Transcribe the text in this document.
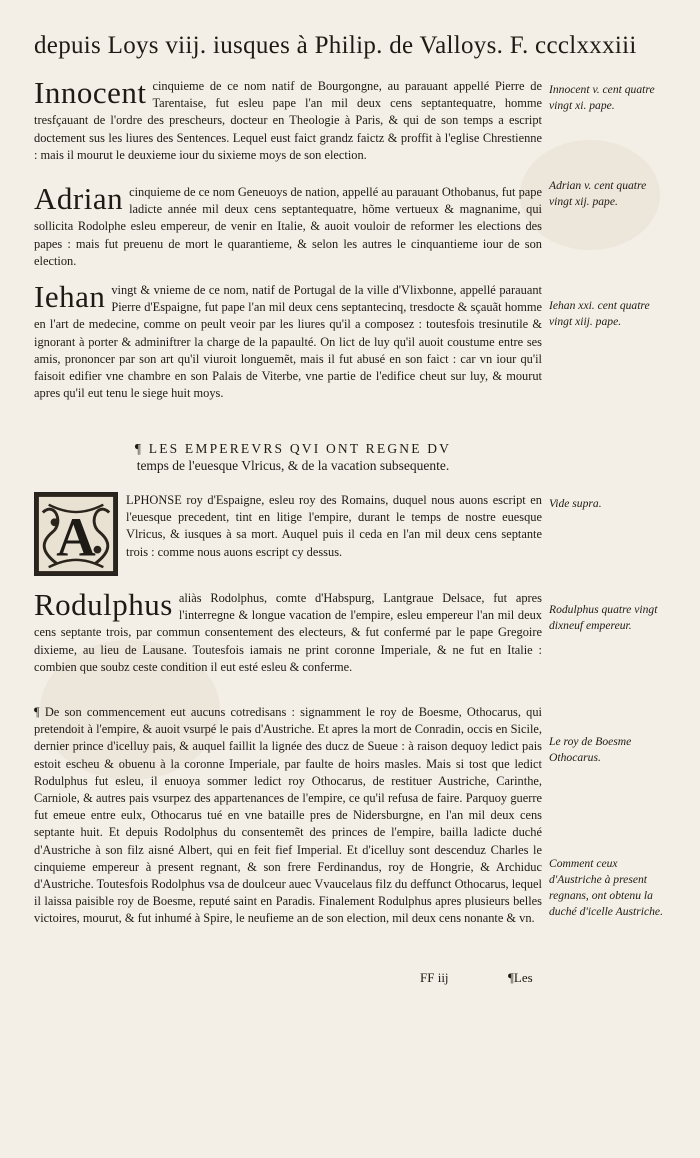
depuis Loys viij. iusques à Philip. de Valloys. F. ccclxxxiii
Innocent cinquieme de ce nom natif de Bourgongne, au parauant appellé Pierre de Tarentaise, fut esleu pape l'an mil deux cens septantequatre, homme tresfçauant de l'ordre des prescheurs, docteur en Theologie à Paris, & qui de son temps a escript doctement sus les liures des Sentences. Lequel eust faict grandz faictz & proffit à l'eglise Chrestienne : mais il mourut le deuxieme iour du sixieme moys de son election.
Innocent v. cent quatre vingt xi. pape.
Adrian cinquieme de ce nom Geneuoys de nation, appellé au parauant Othobanus, fut pape ladicte année mil deux cens septantequatre, hõme vertueux & magnanime, qui sollicita Rodolphe esleu empereur, de venir en Italie, & auoit vouloir de reformer les elections des papes : mais fut preuenu de mort le quarantieme, & selon les autres le cinquantieme iour de son election.
Adrian v. cent quatre vingt xij. pape.
Iehan vingt & vnieme de ce nom, natif de Portugal de la ville d'Vlixbonne, appellé parauant Pierre d'Espaigne, fut pape l'an mil deux cens septantecinq, tresdocte & sçauãt homme en l'art de medecine, comme on peult veoir par les liures qu'il a composez : toutesfois tresinutile & ignorant à porter & adminiftrer la charge de la papaulté. On lict de luy qu'il auoit coustume entre ses amis, prononcer par son art qu'il viuroit longuemẽt, mais il fut abusé en son faict : car vn iour qu'il faisoit edifier vne chambre en son Palais de Viterbe, vne partie de l'edifice cheut sur luy, & mourut apres qu'il eut tenu le siege huit moys.
Iehan xxi. cent quatre vingt xiij. pape.
¶ LES EMPEREVRS QVI ONT REGNE DV
temps de l'euesque Vlricus, & de la vacation subsequente.
A
LPHONSE roy d'Espaigne, esleu roy des Romains, duquel nous auons escript en l'euesque precedent, tint en litige l'empire, durant le temps de nostre euesque Vlricus, & iusques à sa mort. Auquel puis il ceda en l'an mil deux cens septante trois : comme nous auons escript cy dessus.
Vide supra.
Rodulphus aliàs Rodolphus, comte d'Habspurg, Lantgraue Delsace, fut apres l'interregne & longue vacation de l'empire, esleu empereur l'an mil deux cens septante trois, par commun consentement des electeurs, & fut confermé par le pape Gregoire dixieme, au lieu de Lausane. Toutesfois iamais ne print coronne Imperiale, & ne fut en Italie : combien que soubz ceste condition il eut esté esleu & conferme.
Rodulphus quatre vingt dixneuf empereur.
¶ De son commencement eut aucuns cotredisans : signamment le roy de Boesme, Othocarus, qui pretendoit à l'empire, & auoit vsurpé le pais d'Austriche. Et apres la mort de Conradin, occis en Sicile, dernier prince d'icelluy pais, & auquel faillit la lignée des ducz de Sueue : à raison dequoy ledict pais estoit escheu & obuenu à la coronne Imperiale, par faulte de hoirs masles. Mais si tost que ledict Rodulphus fut esleu, il enuoya sommer ledict roy Othocarus, de restituer Austriche, Carinthe, Carniole, & autres pais vsurpez des appartenances de l'empire, ce qu'il refusa de faire. Parquoy guerre fut emeue entre eulx, Othocarus tué en vne bataille pres de Nidersburgne, en l'an mil deux cens septante huit. Et depuis Rodolphus du consentemẽt des princes de l'empire, bailla ladicte duché d'Austriche à son filz aisné Albert, qui en feit fief Imperial. Et d'icelluy sont descenduz Charles le cinquieme empereur à present regnant, & son frere Ferdinandus, roy de Hongrie, & Archiduc d'Austriche. Toutesfois Rodolphus vsa de doulceur auec Vvaucelaus filz du deffunct Othocarus, lequel il laissa paisible roy de Boesme, reputé saint en Paradis. Finalement Rodulphus apres plusieurs belles victoires, mourut, & fut inhumé à Spire, le neufieme an de son election, mil deux cens nonante & vn.
Le roy de Boesme Othocarus.
Comment ceux d'Austriche à present regnans, ont obtenu la duché d'icelle Austriche.
FF iij	¶Les
